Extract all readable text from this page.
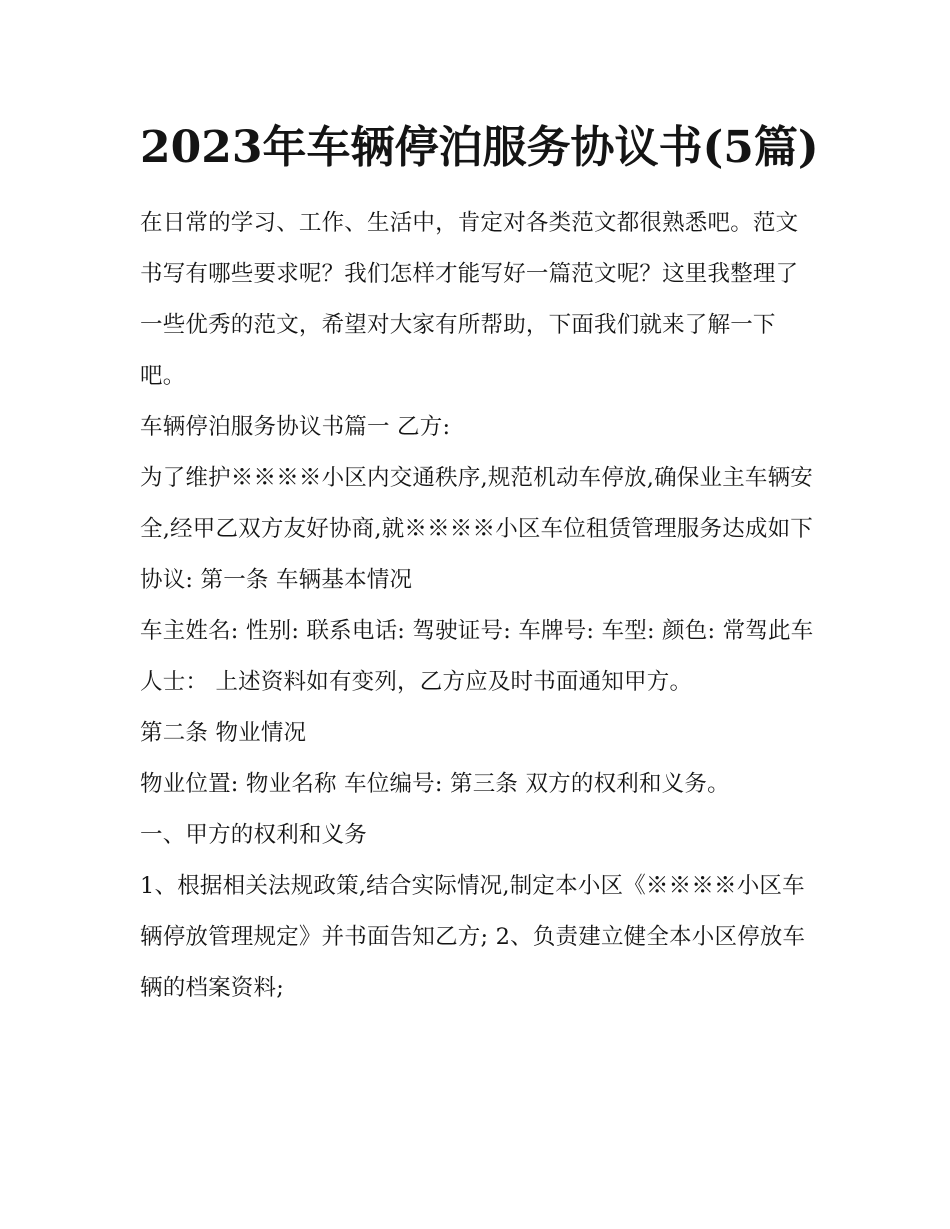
2023年车辆停泊服务协议书(5篇)

在日常的学习、工作、生活中，肯定对各类范文都很熟悉吧。范文书写有哪些要求呢？我们怎样才能写好一篇范文呢？这里我整理了一些优秀的范文，希望对大家有所帮助，下面我们就来了解一下吧。

车辆停泊服务协议书篇一 乙方:

为了维护※※※※小区内交通秩序,规范机动车停放,确保业主车辆安全,经甲乙双方友好协商,就※※※※小区车位租赁管理服务达成如下协议: 第一条 车辆基本情况

车主姓名: 性别: 联系电话: 驾驶证号: 车牌号: 车型: 颜色: 常驾此车人士： 上述资料如有变列，乙方应及时书面通知甲方。

第二条 物业情况

物业位置: 物业名称 车位编号: 第三条 双方的权利和义务。

一、甲方的权利和义务

1、根据相关法规政策,结合实际情况,制定本小区《※※※※小区车辆停放管理规定》并书面告知乙方; 2、负责建立健全本小区停放车辆的档案资料;
